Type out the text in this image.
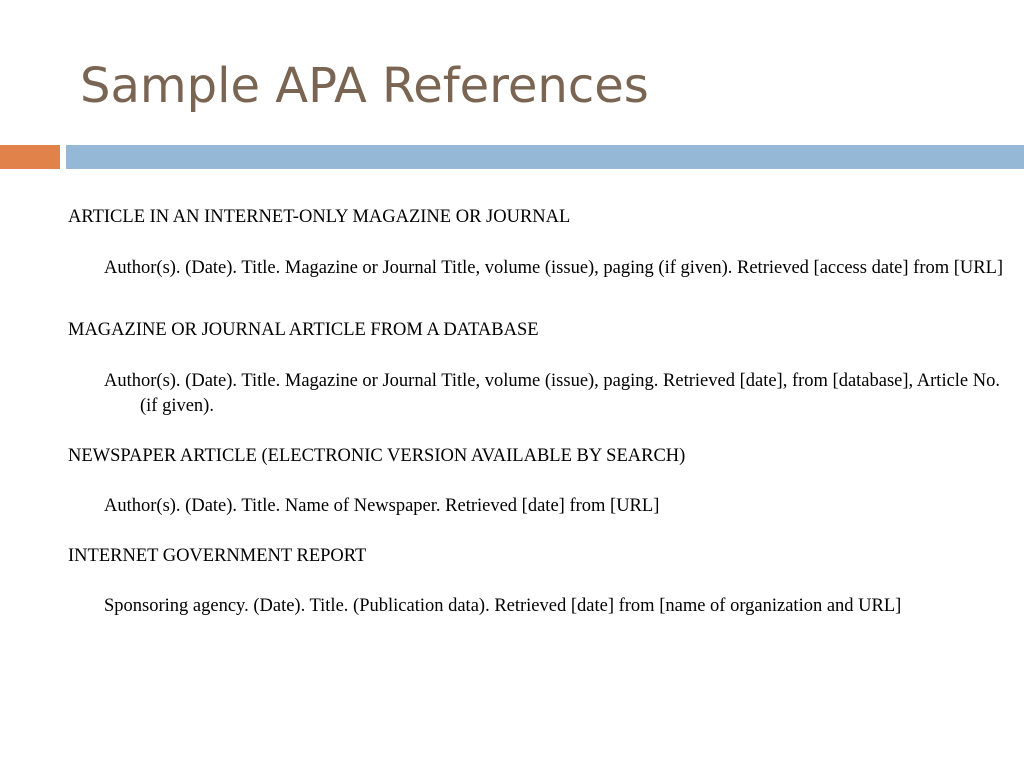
Sample APA References

ARTICLE IN AN INTERNET-ONLY MAGAZINE OR JOURNAL

Author(s). (Date). Title. Magazine or Journal Title, volume (issue), paging (if given). Retrieved [access date] from [URL]

MAGAZINE OR JOURNAL ARTICLE FROM A DATABASE

Author(s). (Date). Title. Magazine or Journal Title, volume (issue), paging. Retrieved [date], from [database], Article No. (if given).

NEWSPAPER ARTICLE (ELECTRONIC VERSION AVAILABLE BY SEARCH)

Author(s). (Date). Title. Name of Newspaper. Retrieved [date] from [URL]

INTERNET GOVERNMENT REPORT

Sponsoring agency. (Date). Title. (Publication data). Retrieved [date] from [name of organization and URL]
